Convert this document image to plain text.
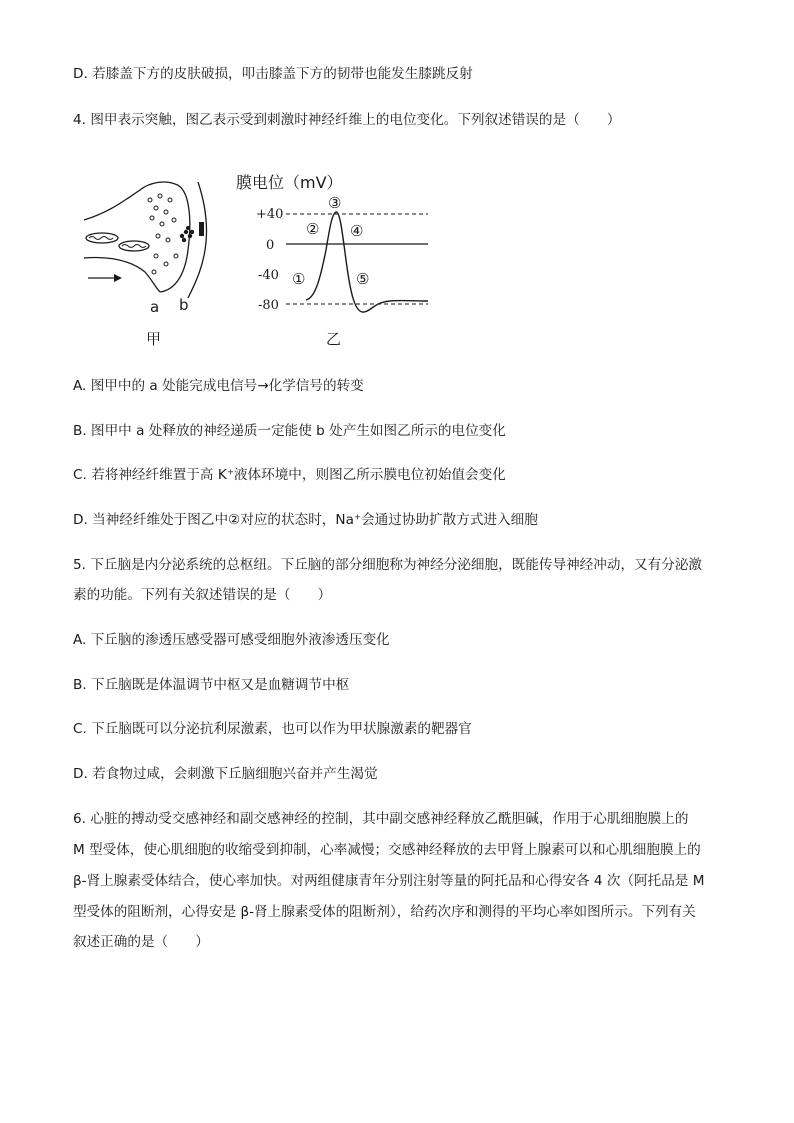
D. 若膝盖下方的皮肤破损，叩击膝盖下方的韧带也能发生膝跳反射
4. 图甲表示突触，图乙表示受到刺激时神经纤维上的电位变化。下列叙述错误的是（　　）
a b
甲
膜电位（mV）
+40
0
-40
-80
①
②
③
④
⑤
乙
A. 图甲中的 a 处能完成电信号→化学信号的转变
B. 图甲中 a 处释放的神经递质一定能使 b 处产生如图乙所示的电位变化
C. 若将神经纤维置于高 K⁺液体环境中，则图乙所示膜电位初始值会变化
D. 当神经纤维处于图乙中②对应的状态时，Na⁺会通过协助扩散方式进入细胞
5. 下丘脑是内分泌系统的总枢纽。下丘脑的部分细胞称为神经分泌细胞，既能传导神经冲动，又有分泌激
素的功能。下列有关叙述错误的是（　　）
A. 下丘脑的渗透压感受器可感受细胞外液渗透压变化
B. 下丘脑既是体温调节中枢又是血糖调节中枢
C. 下丘脑既可以分泌抗利尿激素，也可以作为甲状腺激素的靶器官
D. 若食物过咸，会刺激下丘脑细胞兴奋并产生渴觉
6. 心脏的搏动受交感神经和副交感神经的控制，其中副交感神经释放乙酰胆碱，作用于心肌细胞膜上的
M 型受体，使心肌细胞的收缩受到抑制，心率减慢；交感神经释放的去甲肾上腺素可以和心肌细胞膜上的
β-肾上腺素受体结合，使心率加快。对两组健康青年分别注射等量的阿托品和心得安各 4 次（阿托品是 M
型受体的阻断剂，心得安是 β-肾上腺素受体的阻断剂），给药次序和测得的平均心率如图所示。下列有关
叙述正确的是（　　）
